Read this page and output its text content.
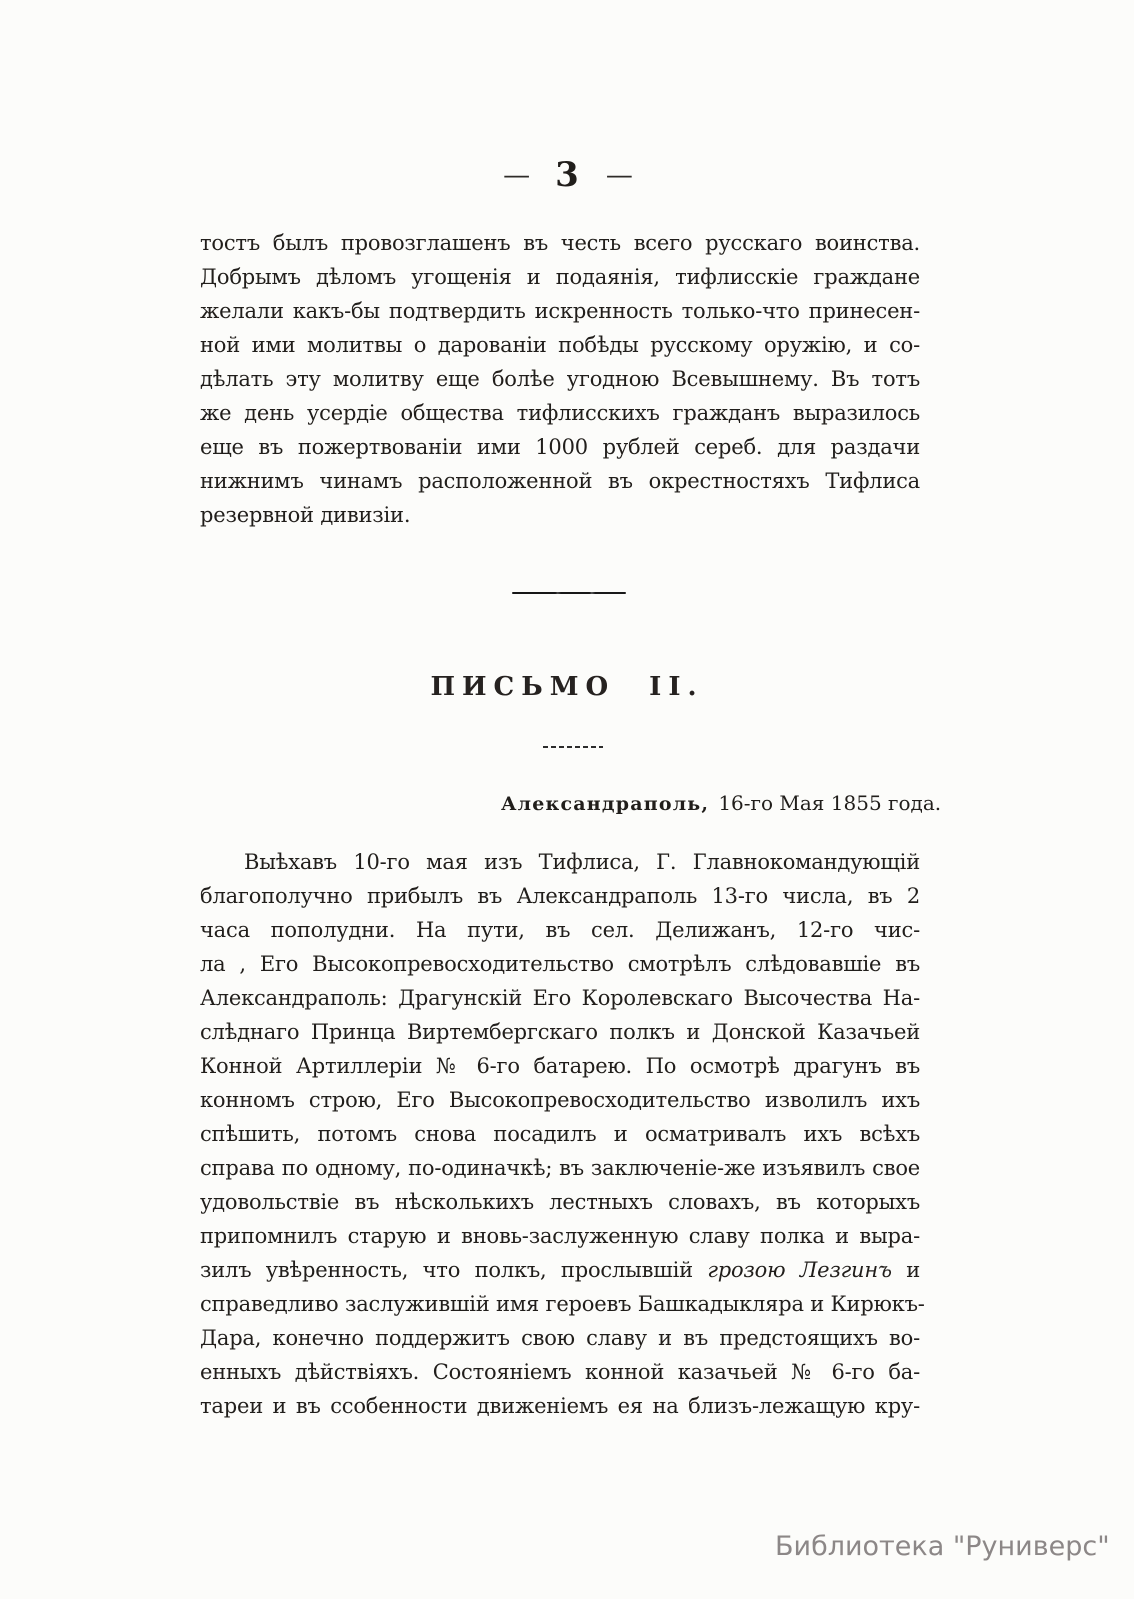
— 3 —
тостъ былъ провозглашенъ въ честь всего русскаго воинства.
Добрымъ дѣломъ угощенія и подаянія, тифлисскіе граждане
желали какъ-бы подтвердить искренность только-что принесен-
ной ими молитвы о дарованіи побѣды русскому оружію, и со-
дѣлать эту молитву еще болѣе угодною Всевышнему. Въ тотъ
же день усердіе общества тифлисскихъ гражданъ выразилось
еще въ пожертвованіи ими 1000 рублей сереб. для раздачи
нижнимъ чинамъ расположенной въ окрестностяхъ Тифлиса
резервной дивизіи.
ПИСЬМО II.
Александраполь, 16-го Мая 1855 года.
Выѣхавъ 10-го мая изъ Тифлиса, Г. Главнокомандующій
благополучно прибылъ въ Александраполь 13-го числа, въ 2
часа пополудни. На пути, въ сел. Делижанъ, 12-го чис-
ла , Его Высокопревосходительство смотрѣлъ слѣдовавшіе въ
Александраполь: Драгунскій Его Королевскаго Высочества На-
слѣднаго Принца Виртембергскаго полкъ и Донской Казачьей
Конной Артиллеріи № 6-го батарею. По осмотрѣ драгунъ въ
конномъ строю, Его Высокопревосходительство изволилъ ихъ
спѣшить, потомъ снова посадилъ и осматривалъ ихъ всѣхъ
справа по одному, по-одиначкѣ; въ заключеніе-же изъявилъ свое
удовольствіе въ нѣсколькихъ лестныхъ словахъ, въ которыхъ
припомнилъ старую и вновь-заслуженную славу полка и выра-
зилъ увѣренность, что полкъ, прослывшій грозою Лезгинъ и
справедливо заслужившій имя героевъ Башкадыкляра и Кирюкъ-
Дара, конечно поддержитъ свою славу и въ предстоящихъ во-
енныхъ дѣйствіяхъ. Состояніемъ конной казачьей № 6-го ба-
тареи и въ ссобенности движеніемъ ея на близъ-лежащую кру-
Библиотека "Руниверс"
